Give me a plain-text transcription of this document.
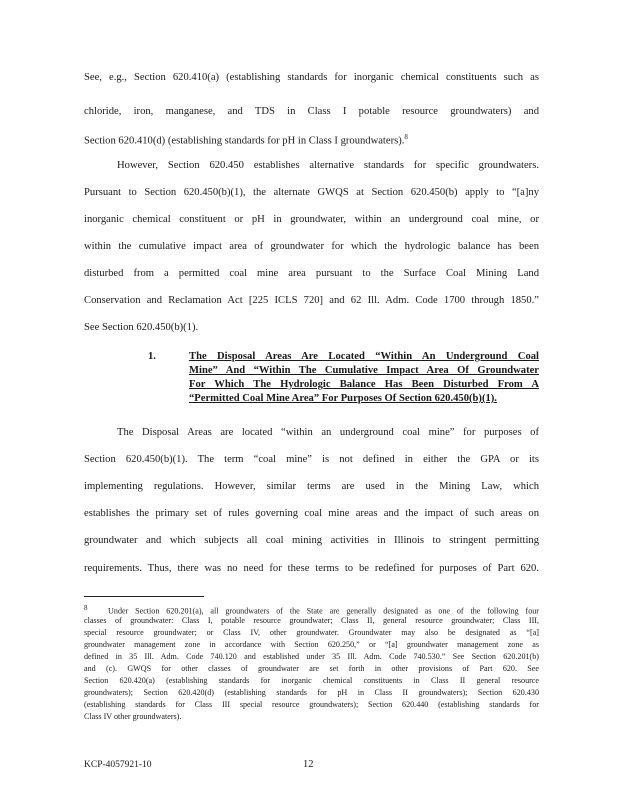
See, e.g., Section 620.410(a) (establishing standards for inorganic chemical constituents such as
chloride, iron, manganese, and TDS in Class I potable resource groundwaters) and
Section 620.410(d) (establishing standards for pH in Class I groundwaters).$^8$
However, Section 620.450 establishes alternative standards for specific groundwaters.
Pursuant to Section 620.450(b)(1), the alternate GWQS at Section 620.450(b) apply to “[a]ny
inorganic chemical constituent or pH in groundwater, within an underground coal mine, or
within the cumulative impact area of groundwater for which the hydrologic balance has been
disturbed from a permitted coal mine area pursuant to the Surface Coal Mining Land
Conservation and Reclamation Act [225 ICLS 720] and 62 Ill. Adm. Code 1700 through 1850.”
See Section 620.450(b)(1).
1.	The Disposal Areas Are Located “Within An Underground Coal
Mine” And “Within The Cumulative Impact Area Of Groundwater
For Which The Hydrologic Balance Has Been Disturbed From A
“Permitted Coal Mine Area” For Purposes Of Section 620.450(b)(1).
The Disposal Areas are located “within an underground coal mine” for purposes of
Section 620.450(b)(1). The term “coal mine” is not defined in either the GPA or its
implementing regulations. However, similar terms are used in the Mining Law, which
establishes the primary set of rules governing coal mine areas and the impact of such areas on
groundwater and which subjects all coal mining activities in Illinois to stringent permitting
requirements. Thus, there was no need for these terms to be redefined for purposes of Part 620.
$^8$	Under Section 620.201(a), all groundwaters of the State are generally designated as one of the following four
classes of groundwater: Class I, potable resource groundwater; Class II, general resource groundwater; Class III,
special resource groundwater; or Class IV, other groundwater. Groundwater may also be designated as “[a]
groundwater management zone in accordance with Section 620.250,” or “[a] groundwater management zone as
defined in 35 Ill. Adm. Code 740.120 and established under 35 Ill. Adm. Code 740.530.” See Section 620.201(b)
and (c). GWQS for other classes of groundwater are set forth in other provisions of Part 620. See
Section 620.420(a) (establishing standards for inorganic chemical constituents in Class II general resource
groundwaters); Section 620.420(d) (establishing standards for pH in Class II groundwaters); Section 620.430
(establishing standards for Class III special resource groundwaters); Section 620.440 (establishing standards for
Class IV other groundwaters).
KCP-4057921-10	12
